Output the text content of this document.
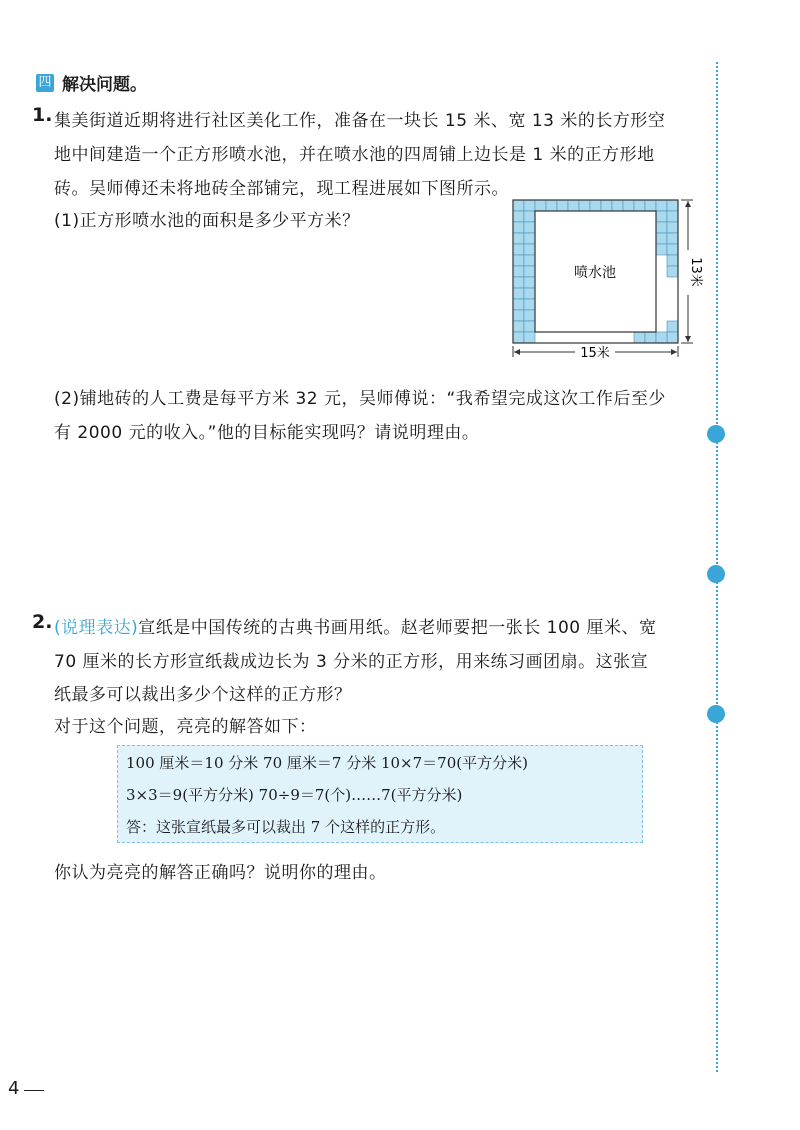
四 解决问题。
1. 集美街道近期将进行社区美化工作，准备在一块长 15 米、宽 13 米的长方形空
地中间建造一个正方形喷水池，并在喷水池的四周铺上边长是 1 米的正方形地
砖。吴师傅还未将地砖全部铺完，现工程进展如下图所示。
(1)正方形喷水池的面积是多少平方米？
喷水池
15米
13米
(2)铺地砖的人工费是每平方米 32 元，吴师傅说：“我希望完成这次工作后至少
有 2000 元的收入。”他的目标能实现吗？请说明理由。
2. (说理表达)宣纸是中国传统的古典书画用纸。赵老师要把一张长 100 厘米、宽
70 厘米的长方形宣纸裁成边长为 3 分米的正方形，用来练习画团扇。这张宣
纸最多可以裁出多少个这样的正方形？
对于这个问题，亮亮的解答如下：
100 厘米＝10 分米 70 厘米＝7 分米 10×7＝70(平方分米)
3×3＝9(平方分米) 70÷9＝7(个)……7(平方分米)
答：这张宣纸最多可以裁出 7 个这样的正方形。
你认为亮亮的解答正确吗？说明你的理由。
4
